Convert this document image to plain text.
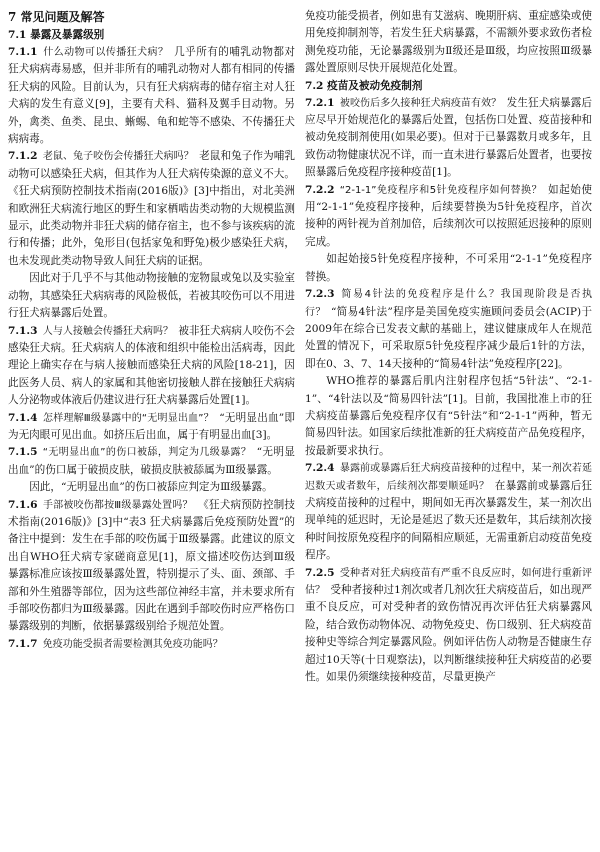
7 常见问题及解答
7.1 暴露及暴露级别

7.1.1  什么动物可以传播狂犬病？  几乎所有的哺乳动物都对狂犬病病毒易感，但并非所有的哺乳动物对人都有相同的传播狂犬病的风险。目前认为，只有狂犬病病毒的储存宿主对人狂犬病的发生有意义[9]，主要有犬科、猫科及翼手目动物。另外，禽类、鱼类、昆虫、蜥蜴、龟和蛇等不感染、不传播狂犬病病毒。

7.1.2  老鼠、兔子咬伤会传播狂犬病吗？  老鼠和兔子作为哺乳动物可以感染狂犬病，但其作为人狂犬病传染源的意义不大。《狂犬病预防控制技术指南(2016版)》[3]中指出，对北美洲和欧洲狂犬病流行地区的野生和家栖啮齿类动物的大规模监测显示，此类动物并非狂犬病的储存宿主，也不参与该疾病的流行和传播；此外，兔形目(包括家兔和野兔)极少感染狂犬病，也未发现此类动物导致人间狂犬病的证据。

因此对于几乎不与其他动物接触的宠物鼠或兔以及实验室动物，其感染狂犬病病毒的风险极低，若被其咬伤可以不用进行狂犬病暴露后处置。

7.1.3  人与人接触会传播狂犬病吗？  被非狂犬病病人咬伤不会感染狂犬病。狂犬病病人的体液和组织中能检出活病毒，因此理论上确实存在与病人接触而感染狂犬病的风险[18-21]，因此医务人员、病人的家属和其他密切接触人群在接触狂犬病病人分泌物或体液后仍建议进行狂犬病暴露后处置[1]。

7.1.4  怎样理解Ⅲ级暴露中的“无明显出血”？  “无明显出血”即为无肉眼可见出血。如挤压后出血，属于有明显出血[3]。

7.1.5  “无明显出血”的伤口被舔，判定为几级暴露？  “无明显出血”的伤口属于破损皮肤，破损皮肤被舔属为Ⅲ级暴露。

因此，“无明显出血”的伤口被舔应判定为Ⅲ级暴露。

7.1.6  手部被咬伤都按Ⅲ级暴露处置吗？  《狂犬病预防控制技术指南(2016版)》[3]中“表3 狂犬病暴露后免疫预防处置”的备注中提到：发生在手部的咬伤属于Ⅲ级暴露。此建议的原文出自WHO狂犬病专家磋商意见[1]，原文描述咬伤达到Ⅲ级暴露标准应该按Ⅲ级暴露处置，特别提示了头、面、颈部、手部和外生殖器等部位，因为这些部位神经丰富，并未要求所有手部咬伤都归为Ⅲ级暴露。因此在遇到手部咬伤时应严格伤口暴露级别的判断，依据暴露级别给予规范处置。

7.1.7  免疫功能受损者需要检测其免疫功能吗？ 

免疫功能受损者，例如患有艾滋病、晚期肝病、重症感染或使用免疫抑制剂等，若发生狂犬病暴露，不需额外要求致伤者检测免疫功能，无论暴露级别为Ⅱ级还是Ⅲ级，均应按照Ⅲ级暴露处置原则尽快开展规范化处置。

7.2 疫苗及被动免疫制剂

7.2.1  被咬伤后多久接种狂犬病疫苗有效？  发生狂犬病暴露后应尽早开始规范化的暴露后处置，包括伤口处置、疫苗接种和被动免疫制剂使用(如果必要)。但对于已暴露数月或多年，且致伤动物健康状况不详，而一直未进行暴露后处置者，也要按照暴露后免疫程序接种疫苗[1]。

7.2.2  “2-1-1”免疫程序和5针免疫程序如何替换？  如起始使用“2-1-1”免疫程序接种，后续要替换为5针免疫程序，首次接种的两针视为首剂加倍，后续剂次可以按照延迟接种的原则完成。

如起始接5针免疫程序接种，不可采用“2-1-1”免疫程序替换。

7.2.3  简易4针法的免疫程序是什么？我国现阶段是否执行？  “简易4针法”程序是美国免疫实施顾问委员会(ACIP)于2009年在综合已发表文献的基础上，建议健康成年人在规范处置的情况下，可采取原5针免疫程序减少最后1针的方法，即在0、3、7、14天接种的“简易4针法”免疫程序[22]。

WHO推荐的暴露后肌内注射程序包括“5针法”、“2-1-1”、“4针法以及“简易四针法”[1]。目前，我国批准上市的狂犬病疫苗暴露后免疫程序仅有“5针法”和“2-1-1”两种，暂无简易四针法。如国家后续批准新的狂犬病疫苗产品免疫程序，按最新要求执行。

7.2.4  暴露前或暴露后狂犬病疫苗接种的过程中，某一剂次若延迟数天或者数年，后续剂次都要顺延吗？  在暴露前或暴露后狂犬病疫苗接种的过程中，期间如无再次暴露发生，某一剂次出现单纯的延迟时，无论是延迟了数天还是数年，其后续剂次接种时间按原免疫程序的间隔相应顺延，无需重新启动疫苗免疫程序。

7.2.5  受种者对狂犬病疫苗有严重不良反应时，如何进行重新评估？  受种者接种过1剂次或者几剂次狂犬病疫苗后，如出现严重不良反应，可对受种者的致伤情况再次评估狂犬病暴露风险，结合致伤动物体况、动物免疫史、伤口级别、狂犬病疫苗接种史等综合判定暴露风险。例如评估伤人动物是否健康生存超过10天等(十日观察法)，以判断继续接种狂犬病疫苗的必要性。如果仍须继续接种疫苗，尽量更换产
